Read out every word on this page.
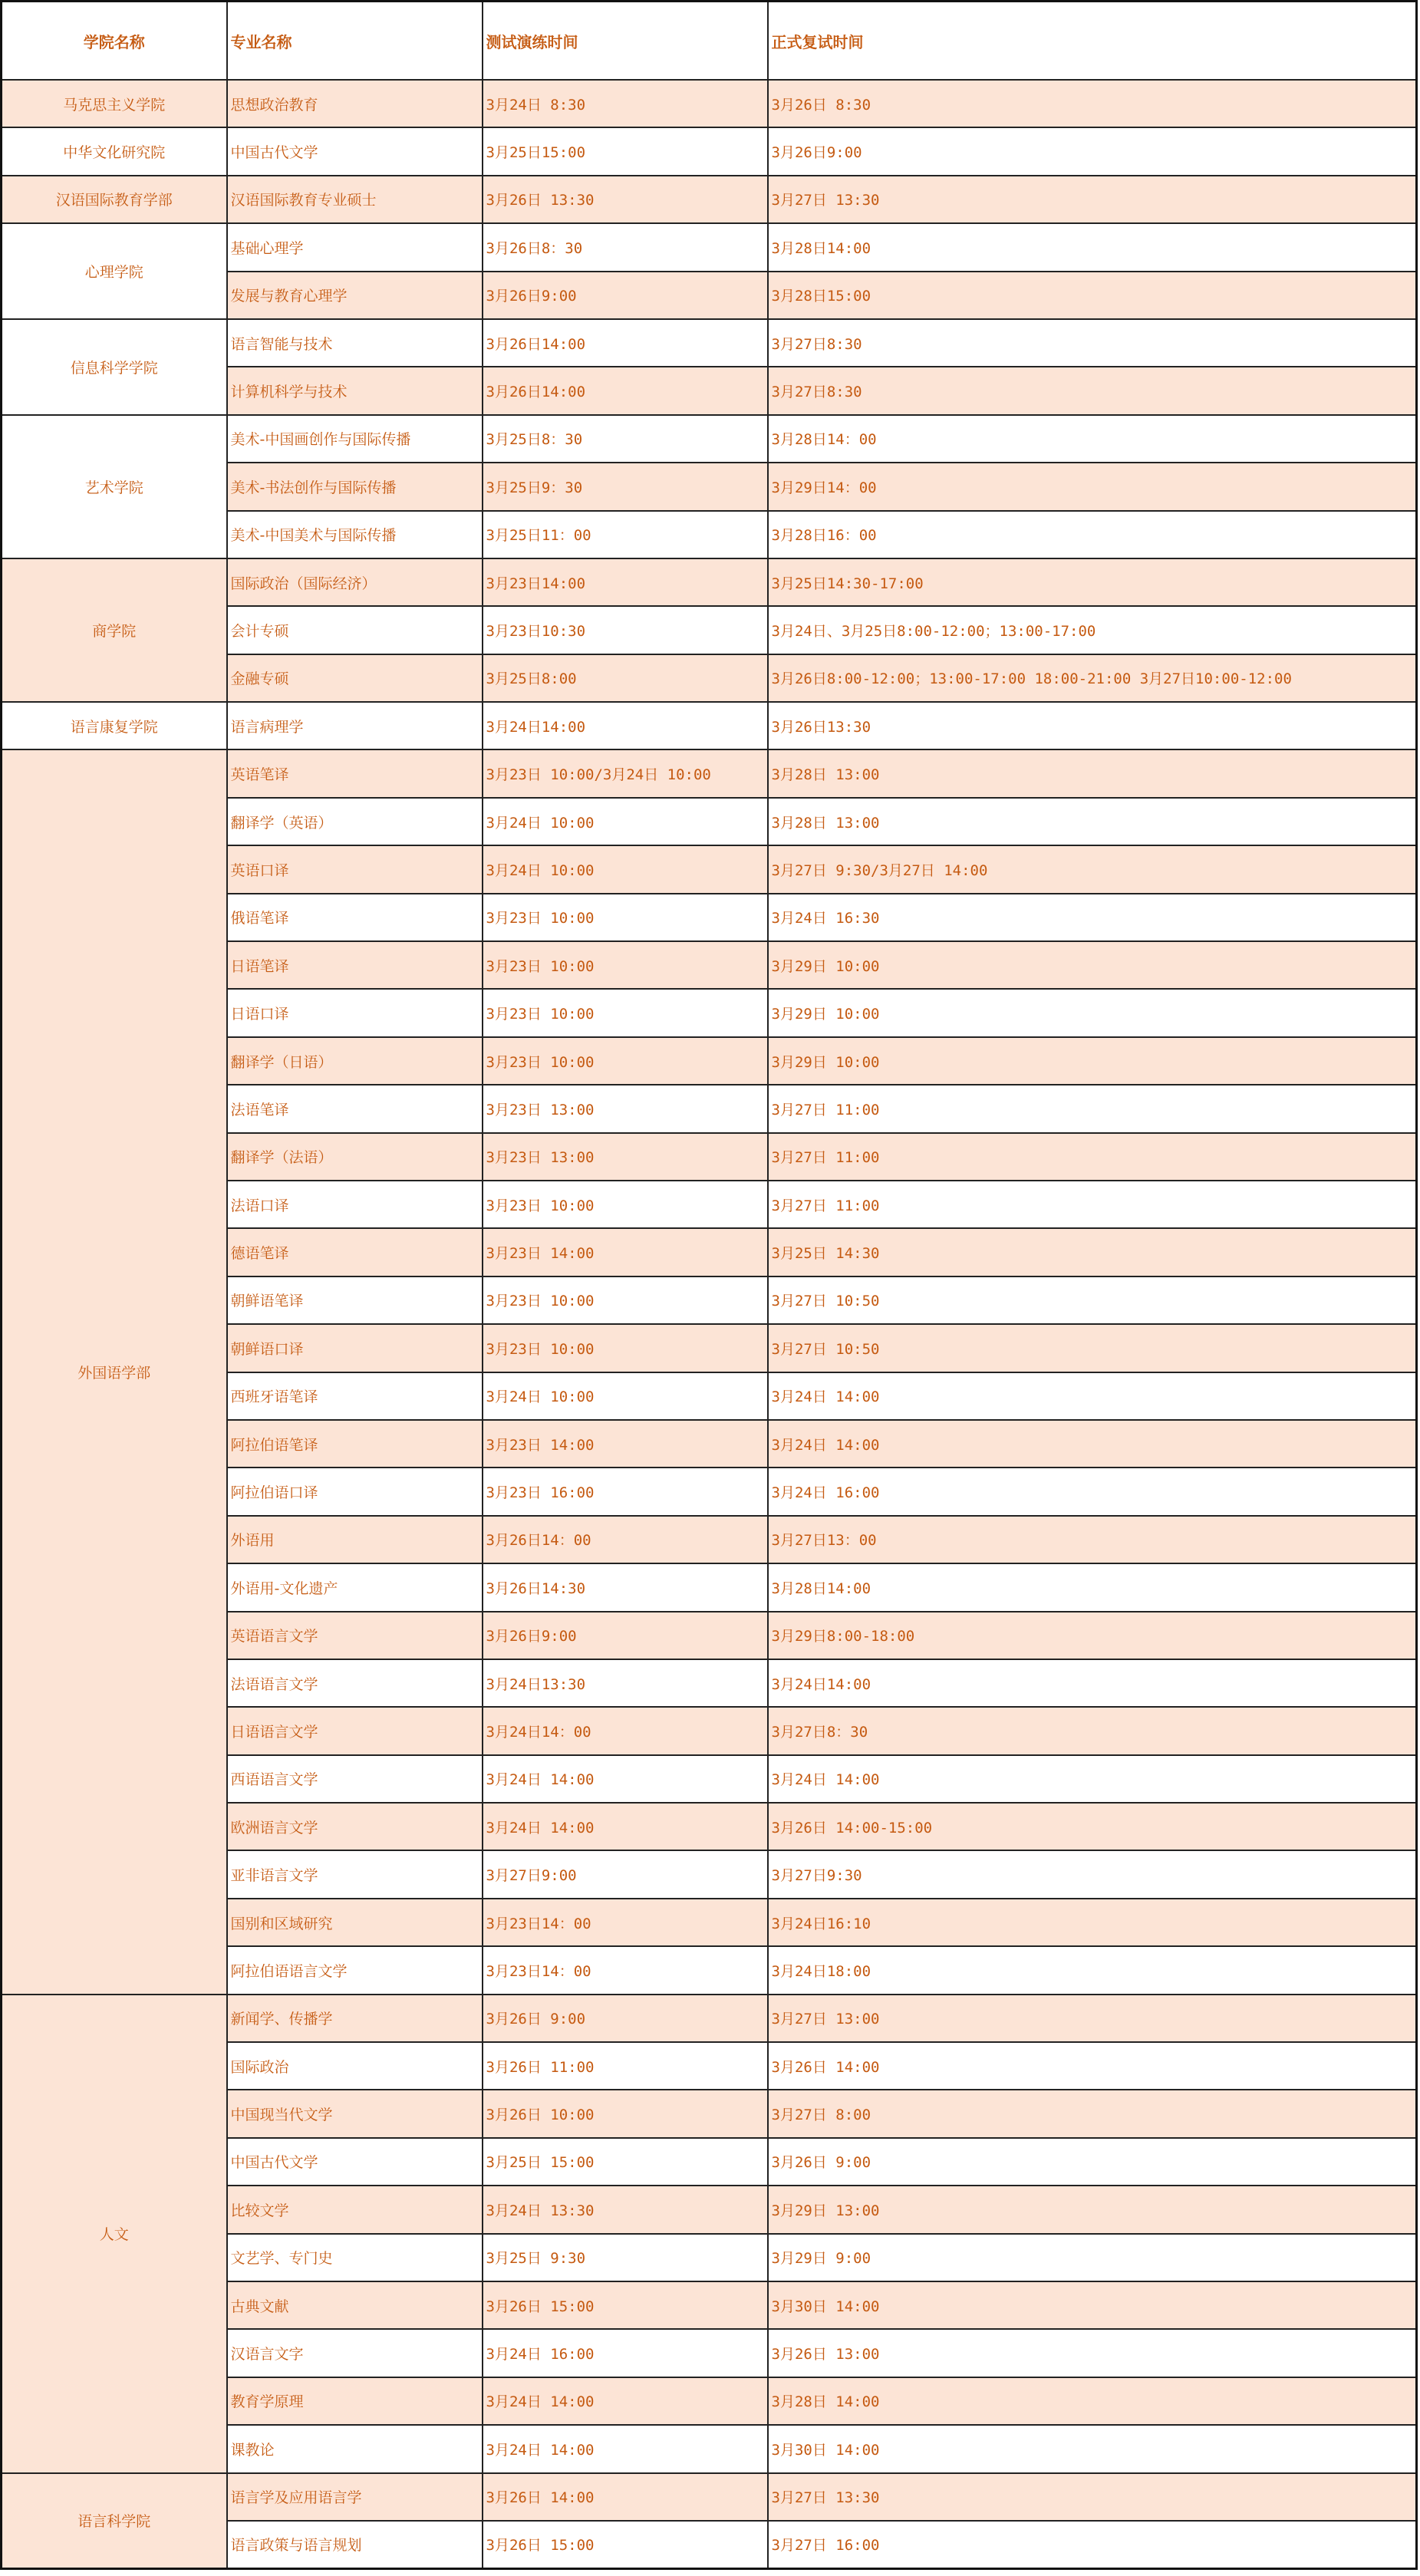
学院名称	专业名称	测试演练时间	正式复试时间
马克思主义学院	思想政治教育	3月24日 8:30	3月26日 8:30
中华文化研究院	中国古代文学	3月25日15:00	3月26日9:00
汉语国际教育学部	汉语国际教育专业硕士	3月26日 13:30	3月27日 13:30
心理学院	基础心理学	3月26日8：30	3月28日14:00
	发展与教育心理学	3月26日9:00	3月28日15:00
信息科学学院	语言智能与技术	3月26日14:00	3月27日8:30
	计算机科学与技术	3月26日14:00	3月27日8:30
艺术学院	美术-中国画创作与国际传播	3月25日8：30	3月28日14：00
	美术-书法创作与国际传播	3月25日9：30	3月29日14：00
	美术-中国美术与国际传播	3月25日11：00	3月28日16：00
商学院	国际政治（国际经济）	3月23日14:00	3月25日14:30-17:00
	会计专硕	3月23日10:30	3月24日、3月25日8:00-12:00；13:00-17:00
	金融专硕	3月25日8:00	3月26日8:00-12:00；13:00-17:00 18:00-21:00 3月27日10:00-12:00
语言康复学院	语言病理学	3月24日14:00	3月26日13:30
外国语学部	英语笔译	3月23日 10:00/3月24日 10:00	3月28日 13:00
	翻译学（英语）	3月24日 10:00	3月28日 13:00
	英语口译	3月24日 10:00	3月27日 9:30/3月27日 14:00
	俄语笔译	3月23日 10:00	3月24日 16:30
	日语笔译	3月23日 10:00	3月29日 10:00
	日语口译	3月23日 10:00	3月29日 10:00
	翻译学（日语）	3月23日 10:00	3月29日 10:00
	法语笔译	3月23日 13:00	3月27日 11:00
	翻译学（法语）	3月23日 13:00	3月27日 11:00
	法语口译	3月23日 10:00	3月27日 11:00
	德语笔译	3月23日 14:00	3月25日 14:30
	朝鲜语笔译	3月23日 10:00	3月27日 10:50
	朝鲜语口译	3月23日 10:00	3月27日 10:50
	西班牙语笔译	3月24日 10:00	3月24日 14:00
	阿拉伯语笔译	3月23日 14:00	3月24日 14:00
	阿拉伯语口译	3月23日 16:00	3月24日 16:00
	外语用	3月26日14：00	3月27日13：00
	外语用-文化遗产	3月26日14:30	3月28日14:00
	英语语言文学	3月26日9:00	3月29日8:00-18:00
	法语语言文学	3月24日13:30	3月24日14:00
	日语语言文学	3月24日14：00	3月27日8：30
	西语语言文学	3月24日 14:00	3月24日 14:00
	欧洲语言文学	3月24日 14:00	3月26日 14:00-15:00
	亚非语言文学	3月27日9:00	3月27日9:30
	国别和区域研究	3月23日14：00	3月24日16:10
	阿拉伯语语言文学	3月23日14：00	3月24日18:00
人文	新闻学、传播学	3月26日 9:00	3月27日 13:00
	国际政治	3月26日 11:00	3月26日 14:00
	中国现当代文学	3月26日 10:00	3月27日 8:00
	中国古代文学	3月25日 15:00	3月26日 9:00
	比较文学	3月24日 13:30	3月29日 13:00
	文艺学、专门史	3月25日 9:30	3月29日 9:00
	古典文献	3月26日 15:00	3月30日 14:00
	汉语言文字	3月24日 16:00	3月26日 13:00
	教育学原理	3月24日 14:00	3月28日 14:00
	课教论	3月24日 14:00	3月30日 14:00
语言科学院	语言学及应用语言学	3月26日 14:00	3月27日 13:30
	语言政策与语言规划	3月26日 15:00	3月27日 16:00
